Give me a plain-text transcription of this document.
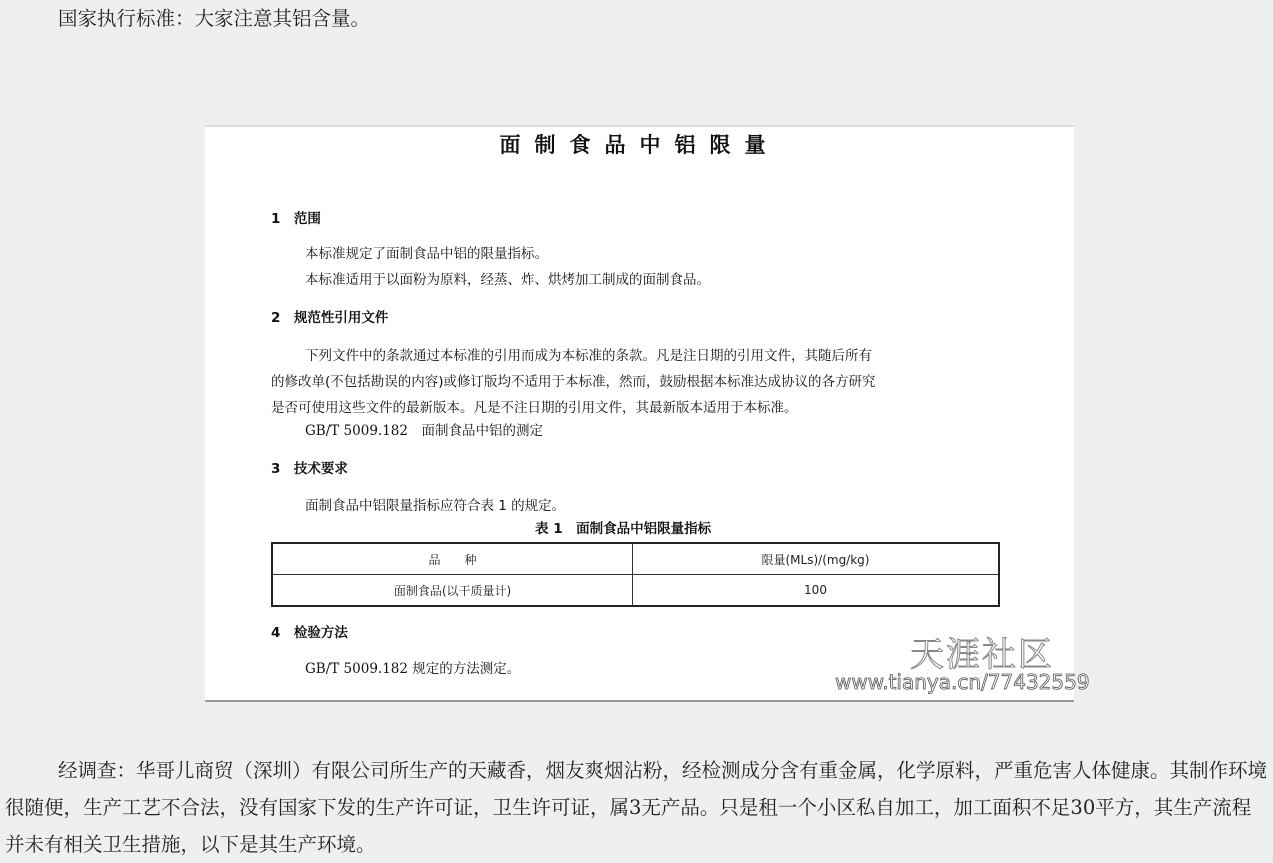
国家执行标准：大家注意其铝含量。
面制食品中铝限量
1　范围
本标准规定了面制食品中铝的限量指标。
本标准适用于以面粉为原料，经蒸、炸、烘烤加工制成的面制食品。
2　规范性引用文件
下列文件中的条款通过本标准的引用而成为本标准的条款。凡是注日期的引用文件，其随后所有
的修改单(不包括勘误的内容)或修订版均不适用于本标准，然而，鼓励根据本标准达成协议的各方研究
是否可使用这些文件的最新版本。凡是不注日期的引用文件，其最新版本适用于本标准。
GB/T 5009.182　面制食品中铝的测定
3　技术要求
面制食品中铝限量指标应符合表 1 的规定。
表 1　面制食品中铝限量指标
品　　种	限量(MLs)/(mg/kg)
面制食品(以干质量计)	100
4　检验方法
GB/T 5009.182 规定的方法测定。	天涯社区
www.tianya.cn/77432559
经调查：华哥儿商贸（深圳）有限公司所生产的天藏香，烟友爽烟沾粉，经检测成分含有重金属，化学原料，严重危害人体健康。其制作环境很随便，生产工艺不合法，没有国家下发的生产许可证，卫生许可证，属3无产品。只是租一个小区私自加工，加工面积不足30平方，其生产流程并未有相关卫生措施，以下是其生产环境。
